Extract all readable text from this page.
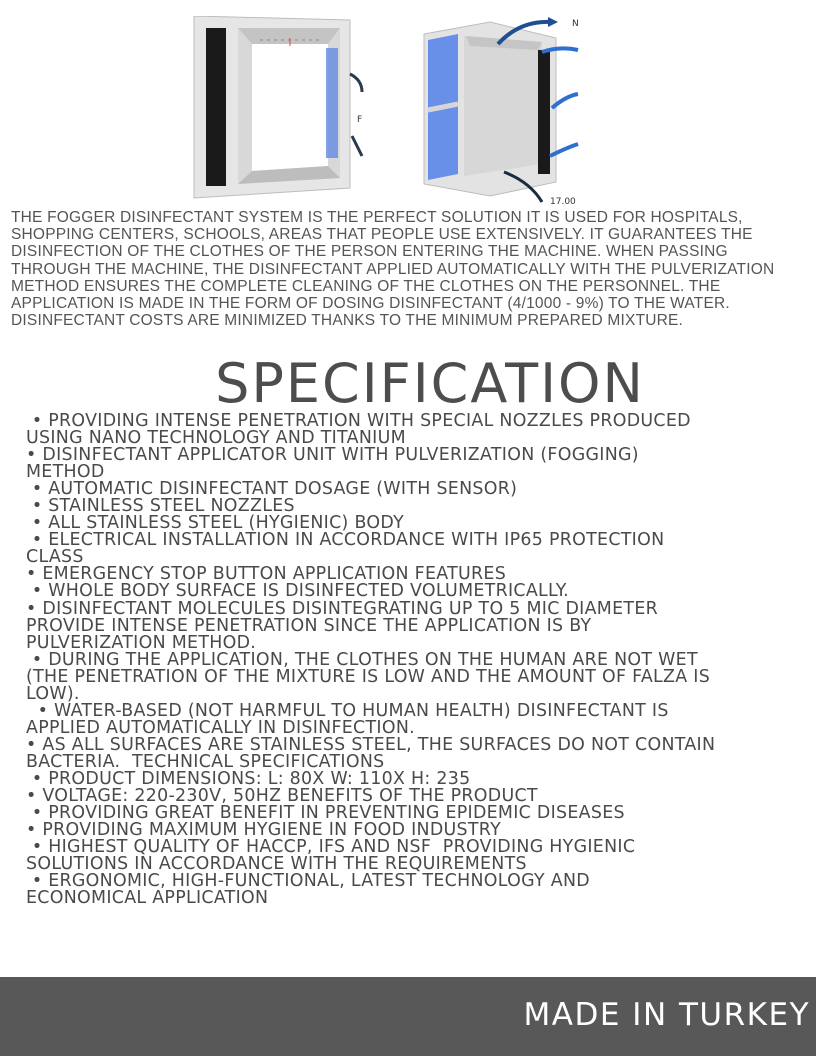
F
N
17.00
THE FOGGER DISINFECTANT SYSTEM IS THE PERFECT SOLUTION IT IS USED FOR HOSPITALS, SHOPPING CENTERS, SCHOOLS, AREAS THAT PEOPLE USE EXTENSIVELY. IT GUARANTEES THE DISINFECTION OF THE CLOTHES OF THE PERSON ENTERING THE MACHINE. WHEN PASSING THROUGH THE MACHINE, THE DISINFECTANT APPLIED AUTOMATICALLY WITH THE PULVERIZATION METHOD ENSURES THE COMPLETE CLEANING OF THE CLOTHES ON THE PERSONNEL. THE APPLICATION IS MADE IN THE FORM OF DOSING DISINFECTANT (4/1000 - 9%) TO THE WATER. DISINFECTANT COSTS ARE MINIMIZED THANKS TO THE MINIMUM PREPARED MIXTURE.
SPECIFICATION
• PROVIDING INTENSE PENETRATION WITH SPECIAL NOZZLES PRODUCED
USING NANO TECHNOLOGY AND TITANIUM
• DISINFECTANT APPLICATOR UNIT WITH PULVERIZATION (FOGGING)
METHOD
• AUTOMATIC DISINFECTANT DOSAGE (WITH SENSOR)
• STAINLESS STEEL NOZZLES
• ALL STAINLESS STEEL (HYGIENIC) BODY
• ELECTRICAL INSTALLATION IN ACCORDANCE WITH IP65 PROTECTION
CLASS
• EMERGENCY STOP BUTTON APPLICATION FEATURES
• WHOLE BODY SURFACE IS DISINFECTED VOLUMETRICALLY.
• DISINFECTANT MOLECULES DISINTEGRATING UP TO 5 MIC DIAMETER
PROVIDE INTENSE PENETRATION SINCE THE APPLICATION IS BY
PULVERIZATION METHOD.
• DURING THE APPLICATION, THE CLOTHES ON THE HUMAN ARE NOT WET
(THE PENETRATION OF THE MIXTURE IS LOW AND THE AMOUNT OF FALZA IS
LOW).
• WATER-BASED (NOT HARMFUL TO HUMAN HEALTH) DISINFECTANT IS
APPLIED AUTOMATICALLY IN DISINFECTION.
• AS ALL SURFACES ARE STAINLESS STEEL, THE SURFACES DO NOT CONTAIN
BACTERIA.  TECHNICAL SPECIFICATIONS
• PRODUCT DIMENSIONS: L: 80X W: 110X H: 235
• VOLTAGE: 220-230V, 50HZ BENEFITS OF THE PRODUCT
• PROVIDING GREAT BENEFIT IN PREVENTING EPIDEMIC DISEASES
• PROVIDING MAXIMUM HYGIENE IN FOOD INDUSTRY
• HIGHEST QUALITY OF HACCP, IFS AND NSF  PROVIDING HYGIENIC
SOLUTIONS IN ACCORDANCE WITH THE REQUIREMENTS
• ERGONOMIC, HIGH-FUNCTIONAL, LATEST TECHNOLOGY AND
ECONOMICAL APPLICATION
MADE IN TURKEY
